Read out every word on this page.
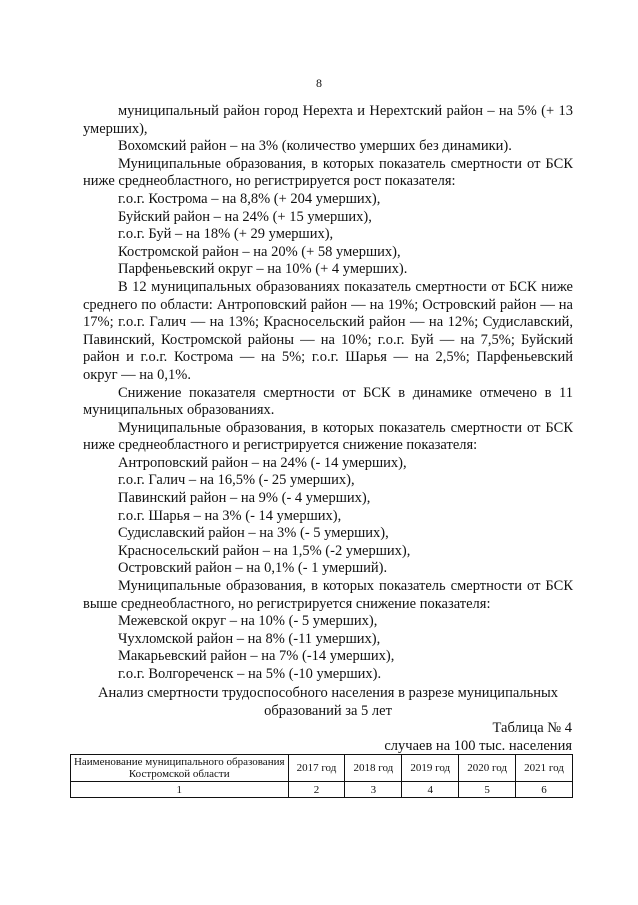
8

муниципальный район город Нерехта и Нерехтский район – на 5% (+ 13 умерших),

Вохомский район – на 3% (количество умерших без динамики).

Муниципальные образования, в которых показатель смертности от БСК ниже среднеобластного, но регистрируется рост показателя:

г.о.г. Кострома – на 8,8% (+ 204 умерших),

Буйский район – на 24% (+ 15 умерших),

г.о.г. Буй – на 18% (+ 29 умерших),

Костромской район – на 20% (+ 58 умерших),

Парфеньевский округ – на 10% (+ 4 умерших).

В 12 муниципальных образованиях показатель смертности от БСК ниже среднего по области: Антроповский район — на 19%; Островский район — на 17%; г.о.г. Галич — на 13%; Красносельский район — на 12%; Судиславский, Павинский, Костромской районы — на 10%; г.о.г. Буй — на 7,5%; Буйский район и г.о.г. Кострома — на 5%; г.о.г. Шарья — на 2,5%; Парфеньевский округ — на 0,1%.

Снижение показателя смертности от БСК в динамике отмечено в 11 муниципальных образованиях.

Муниципальные образования, в которых показатель смертности от БСК ниже среднеобластного и регистрируется снижение показателя:

Антроповский район – на 24% (- 14 умерших),

г.о.г. Галич – на 16,5% (- 25 умерших),

Павинский район – на 9% (- 4 умерших),

г.о.г. Шарья – на 3% (- 14 умерших),

Судиславский район – на 3% (- 5 умерших),

Красносельский район – на 1,5% (-2 умерших),

Островский район – на 0,1% (- 1 умерший).

Муниципальные образования, в которых показатель смертности от БСК выше среднеобластного, но регистрируется снижение показателя:

Межевской округ – на 10% (- 5 умерших),

Чухломской район – на 8% (-11 умерших),

Макарьевский район – на 7% (-14 умерших),

г.о.г. Волгореченск – на 5% (-10 умерших).

Анализ смертности трудоспособного населения в разрезе муниципальных образований за 5 лет
Таблица № 4
случаев на 100 тыс. населения
Наименование муниципального образования Костромской области	2017 год	2018 год	2019 год	2020 год	2021 год
1	2	3	4	5	6
